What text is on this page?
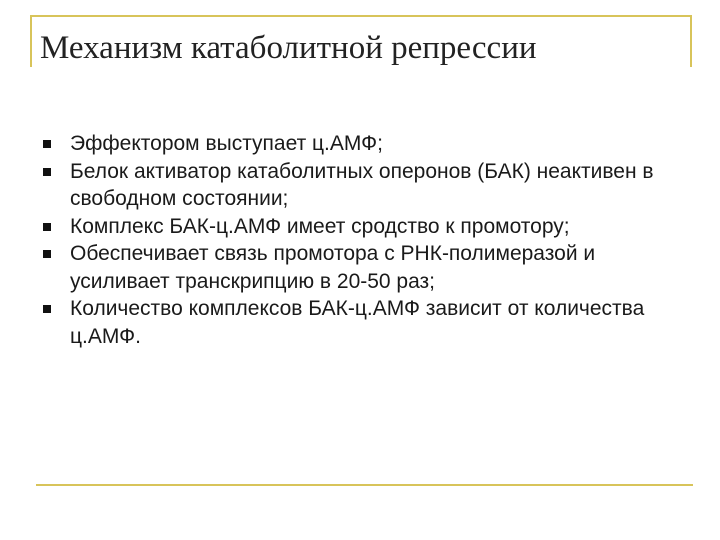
Механизм катаболитной репрессии
Эффектором выступает ц.АМФ;
Белок активатор катаболитных оперонов (БАК) неактивен в свободном состоянии;
Комплекс БАК-ц.АМФ имеет сродство к промотору;
Обеспечивает связь промотора с РНК-полимеразой и усиливает транскрипцию в 20-50 раз;
Количество комплексов БАК-ц.АМФ зависит от количества ц.АМФ.
